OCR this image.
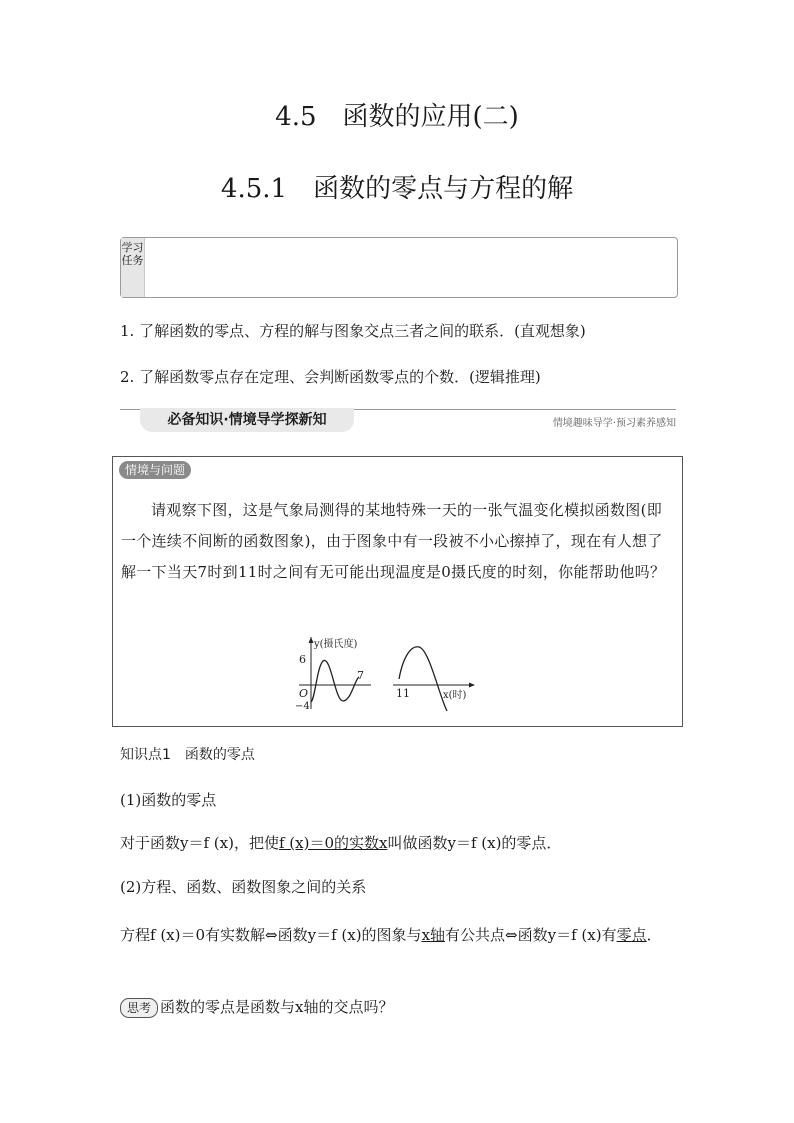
4.5　函数的应用(二)
4.5.1　函数的零点与方程的解
学习任务
1. 了解函数的零点、方程的解与图象交点三者之间的联系．(直观想象)
2. 了解函数零点存在定理、会判断函数零点的个数．(逻辑推理)
必备知识·情境导学探新知	情境趣味导学·预习素养感知
情境与问题
请观察下图，这是气象局测得的某地特殊一天的一张气温变化模拟函数图(即一个连续不间断的函数图象)，由于图象中有一段被不小心擦掉了，现在有人想了解一下当天7时到11时之间有无可能出现温度是0摄氏度的时刻，你能帮助他吗？
y(摄氏度)
6
O
−4
7
11	x(时)
知识点1　函数的零点
(1)函数的零点
对于函数y＝f (x)，把使f (x)＝0的实数x叫做函数y＝f (x)的零点．
(2)方程、函数、函数图象之间的关系
方程f (x)＝0有实数解⇔函数y＝f (x)的图象与x轴有公共点⇔函数y＝f (x)有零点．
思考 函数的零点是函数与x轴的交点吗？
